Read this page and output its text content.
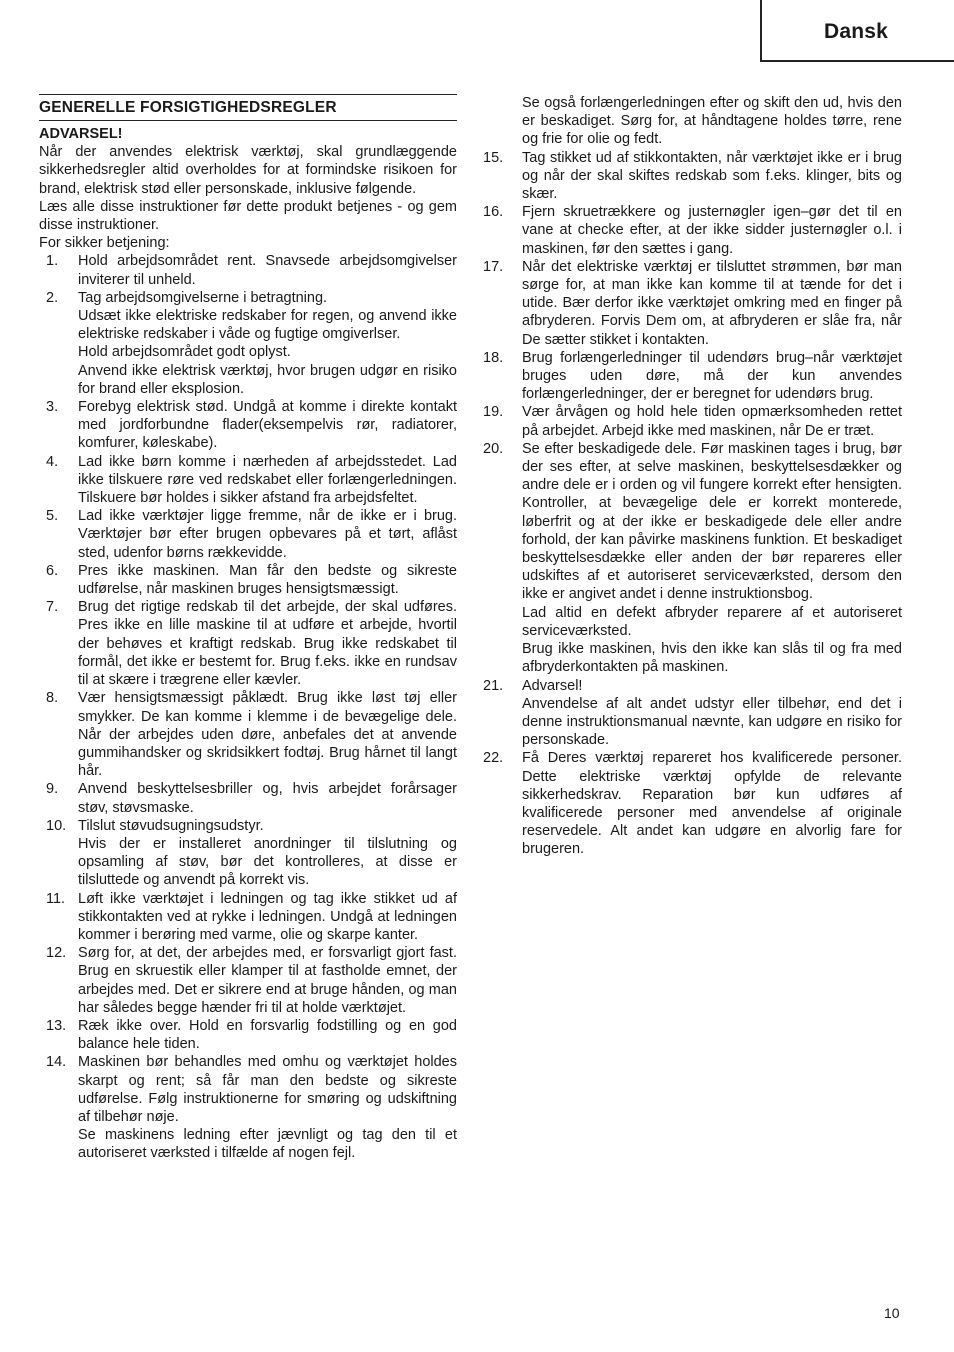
Dansk
GENERELLE FORSIGTIGHEDSREGLER
ADVARSEL!

Når der anvendes elektrisk værktøj, skal grundlæggende sikkerhedsregler altid overholdes for at formindske risikoen for brand, elektrisk stød eller personskade, inklusive følgende.

Læs alle disse instruktioner før dette produkt betjenes - og gem disse instruktioner.

For sikker betjening:

1.	Hold arbejdsområdet rent. Snavsede arbejdsomgivelser inviterer til unheld.

2.	Tag arbejdsomgivelserne i betragtning.

Udsæt ikke elektriske redskaber for regen, og anvend ikke elektriske redskaber i våde og fugtige omgiverlser.

Hold arbejdsområdet godt oplyst.

Anvend ikke elektrisk værktøj, hvor brugen udgør en risiko for brand eller eksplosion.

3.	Forebyg elektrisk stød. Undgå at komme i direkte kontakt med jordforbundne flader(eksempelvis rør, radiatorer, komfurer, køleskabe).

4.	Lad ikke børn komme i nærheden af arbejdsstedet. Lad ikke tilskuere røre ved redskabet eller forlængerledningen. Tilskuere bør holdes i sikker afstand fra arbejdsfeltet.

5.	Lad ikke værktøjer ligge fremme, når de ikke er i brug. Værktøjer bør efter brugen opbevares på et tørt, aflåst sted, udenfor børns rækkevidde.

6.	Pres ikke maskinen. Man får den bedste og sikreste udførelse, når maskinen bruges hensigtsmæssigt.

7.	Brug det rigtige redskab til det arbejde, der skal udføres. Pres ikke en lille maskine til at udføre et arbejde, hvortil der behøves et kraftigt redskab. Brug ikke redskabet til formål, det ikke er bestemt for. Brug f.eks. ikke en rundsav til at skære i trægrene eller kævler.

8.	Vær hensigtsmæssigt påklædt. Brug ikke løst tøj eller smykker. De kan komme i klemme i de bevægelige dele. Når der arbejdes uden døre, anbefales det at anvende gummihandsker og skridsikkert fodtøj. Brug hårnet til langt hår.

9.	Anvend beskyttelsesbriller og, hvis arbejdet forårsager støv, støvsmaske.

10. Tilslut støvudsugningsudstyr.

Hvis der er installeret anordninger til tilslutning og opsamling af støv, bør det kontrolleres, at disse er tilsluttede og anvendt på korrekt vis.

11. Løft ikke værktøjet i ledningen og tag ikke stikket ud af stikkontakten ved at rykke i ledningen. Undgå at ledningen kommer i berøring med varme, olie og skarpe kanter.

12. Sørg for, at det, der arbejdes med, er forsvarligt gjort fast. Brug en skruestik eller klamper til at fastholde emnet, der arbejdes med. Det er sikrere end at bruge hånden, og man har således begge hænder fri til at holde værktøjet.

13. Ræk ikke over. Hold en forsvarlig fodstilling og en god balance hele tiden.

14. Maskinen bør behandles med omhu og værktøjet holdes skarpt og rent; så får man den bedste og sikreste udførelse. Følg instruktionerne for smøring og udskiftning af tilbehør nøje.

Se maskinens ledning efter jævnligt og tag den til et autoriseret værksted i tilfælde af nogen fejl.

Se også forlængerledningen efter og skift den ud, hvis den er beskadiget. Sørg for, at håndtagene holdes tørre, rene og frie for olie og fedt.

15.	Tag stikket ud af stikkontakten, når værktøjet ikke er i brug og når der skal skiftes redskab som f.eks. klinger, bits og skær.

16.	Fjern skruetrækkere og justernøgler igen–gør det til en vane at checke efter, at der ikke sidder justernøgler o.l. i maskinen, før den sættes i gang.

17.	Når det elektriske værktøj er tilsluttet strømmen, bør man sørge for, at man ikke kan komme til at tænde for det i utide. Bær derfor ikke værktøjet omkring med en finger på afbryderen. Forvis Dem om, at afbryderen er slåe fra, når De sætter stikket i kontakten.

18.	Brug forlængerledninger til udendørs brug–når værktøjet bruges uden døre, må der kun anvendes forlængerledninger, der er beregnet for udendørs brug.

19.	Vær årvågen og hold hele tiden opmærksomheden rettet på arbejdet. Arbejd ikke med maskinen, når De er træt.

20.	Se efter beskadigede dele. Før maskinen tages i brug, bør der ses efter, at selve maskinen, beskyttelsesdækker og andre dele er i orden og vil fungere korrekt efter hensigten. Kontroller, at bevægelige dele er korrekt monterede, løberfrit og at der ikke er beskadigede dele eller andre forhold, der kan påvirke maskinens funktion. Et beskadiget beskyttelsesdække eller anden der bør repareres eller udskiftes af et autoriseret serviceværksted, dersom den ikke er angivet andet i denne instruktionsbog.

Lad altid en defekt afbryder reparere af et autoriseret serviceværksted.

Brug ikke maskinen, hvis den ikke kan slås til og fra med afbryderkontakten på maskinen.

21.	Advarsel!

Anvendelse af alt andet udstyr eller tilbehør, end det i denne instruktionsmanual nævnte, kan udgøre en risiko for personskade.

22.	Få Deres værktøj repareret hos kvalificerede personer. Dette elektriske værktøj opfylde de relevante sikkerhedskrav. Reparation bør kun udføres af kvalificerede personer med anvendelse af originale reservedele. Alt andet kan udgøre en alvorlig fare for brugeren.

10
